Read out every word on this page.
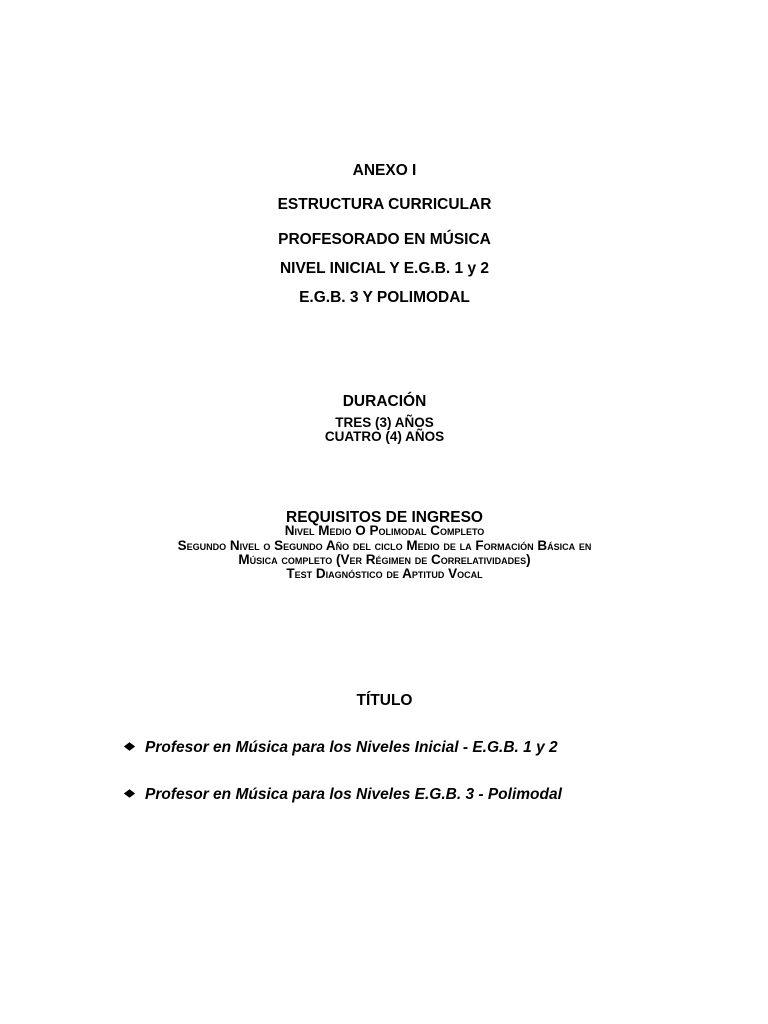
ANEXO I
ESTRUCTURA CURRICULAR
PROFESORADO EN MÚSICA
NIVEL INICIAL Y E.G.B. 1 y 2
E.G.B. 3 Y POLIMODAL
DURACIÓN
TRES (3) AÑOS
CUATRO (4) AÑOS
REQUISITOS DE INGRESO
Nivel Medio O Polimodal Completo
Segundo Nivel o Segundo Año del ciclo Medio de la Formación Básica en
Música completo (Ver Régimen de Correlatividades)
Test Diagnóstico de Aptitud Vocal
TÍTULO
Profesor en Música para los Niveles Inicial - E.G.B. 1 y 2
Profesor en Música para los Niveles E.G.B. 3 - Polimodal
